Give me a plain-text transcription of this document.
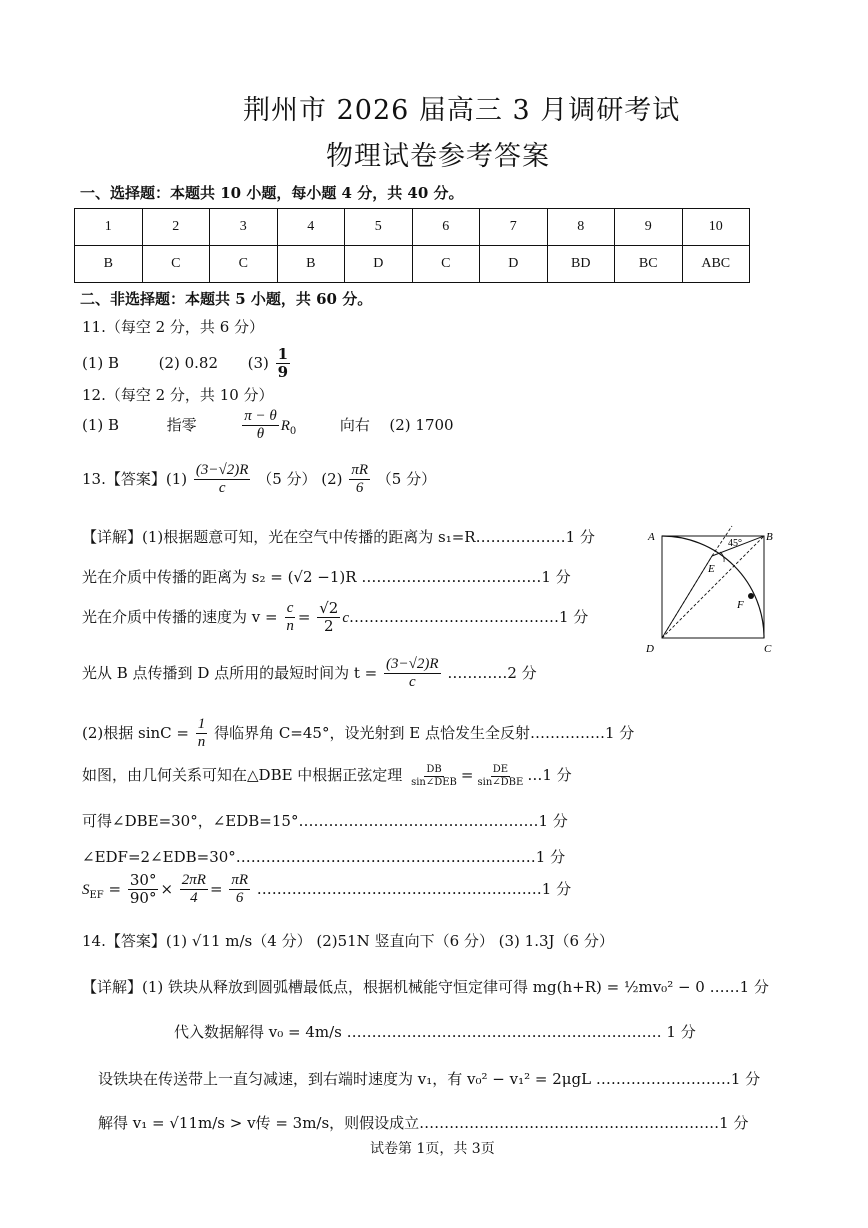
荆州市 2026 届高三 3 月调研考试
物理试卷参考答案
一、选择题：本题共 10 小题，每小题 4 分，共 40 分。
1	2	3	4	5	6	7	8	9	10
B	C	C	B	D	C	D	BD	BC	ABC
二、非选择题：本题共 5 小题，共 60 分。
11.（每空 2 分，共 6 分）
(1) B	(2) 0.82 $(3) \frac{1}{9}$
12.（每空 2 分，共 10 分）
(1) B	指零	$\frac{\pi - \theta}{\theta} R_0$	向右 (2) 1700
13.【答案】$(1) \frac{(3-√2)R}{c} (5$ 分） $(2) \frac{\pi R}{6} (5$ 分）
【详解】(1)根据题意可知，光在空气中传播的距离为 s₁=R………………1 分
光在介质中传播的距离为 s₂ = (√2 −1)R ………………………………1 分
光在介质中传播的速度为 $v = \frac{c}{n} = \frac{√2}{2}$ c……………………………………1 分
光从 B 点传播到 D 点所用的最短时间为 $t = \frac{(3-√2)R}{c}$ …………2 分
(2)根据 $\sin C = \frac{1}{n}$ 得临界角 C=45°，设光射到 E 点恰发生全反射……………1 分
如图，由几何关系可知在△DBE 中根据正弦定理 $\frac{DB}{\text{sin∠DEB}} = \frac{DE}{\text{sin∠DBE}}$ …1 分
可得∠DBE=30°，∠EDB=15°…………………………………………1 分
∠EDF=2∠EDB=30°……………………………………………………1 分
$S_{EF} = \frac{30^\circ}{90^\circ} \times \frac{2\pi R}{4} = \frac{\pi R}{6}$ …………………………………………………1 分
A	B
C
D
E
F
45°
14.【答案】(1) √11 m/s（4 分） (2)51N 竖直向下（6 分） (3) 1.3J（6 分）
【详解】(1) 铁块从释放到圆弧槽最低点，根据机械能守恒定律可得 mg(h+R) = ½mv₀² − 0 ……1 分
代入数据解得 v₀ = 4m/s ……………………………………………………… 1 分
设铁块在传送带上一直匀减速，到右端时速度为 v₁，有 v₀² − v₁² = 2μgL ………………………1 分
解得 v₁ = √11m/s > v传 = 3m/s，则假设成立……………………………………………………1 分
试卷第 1页，共 3页
